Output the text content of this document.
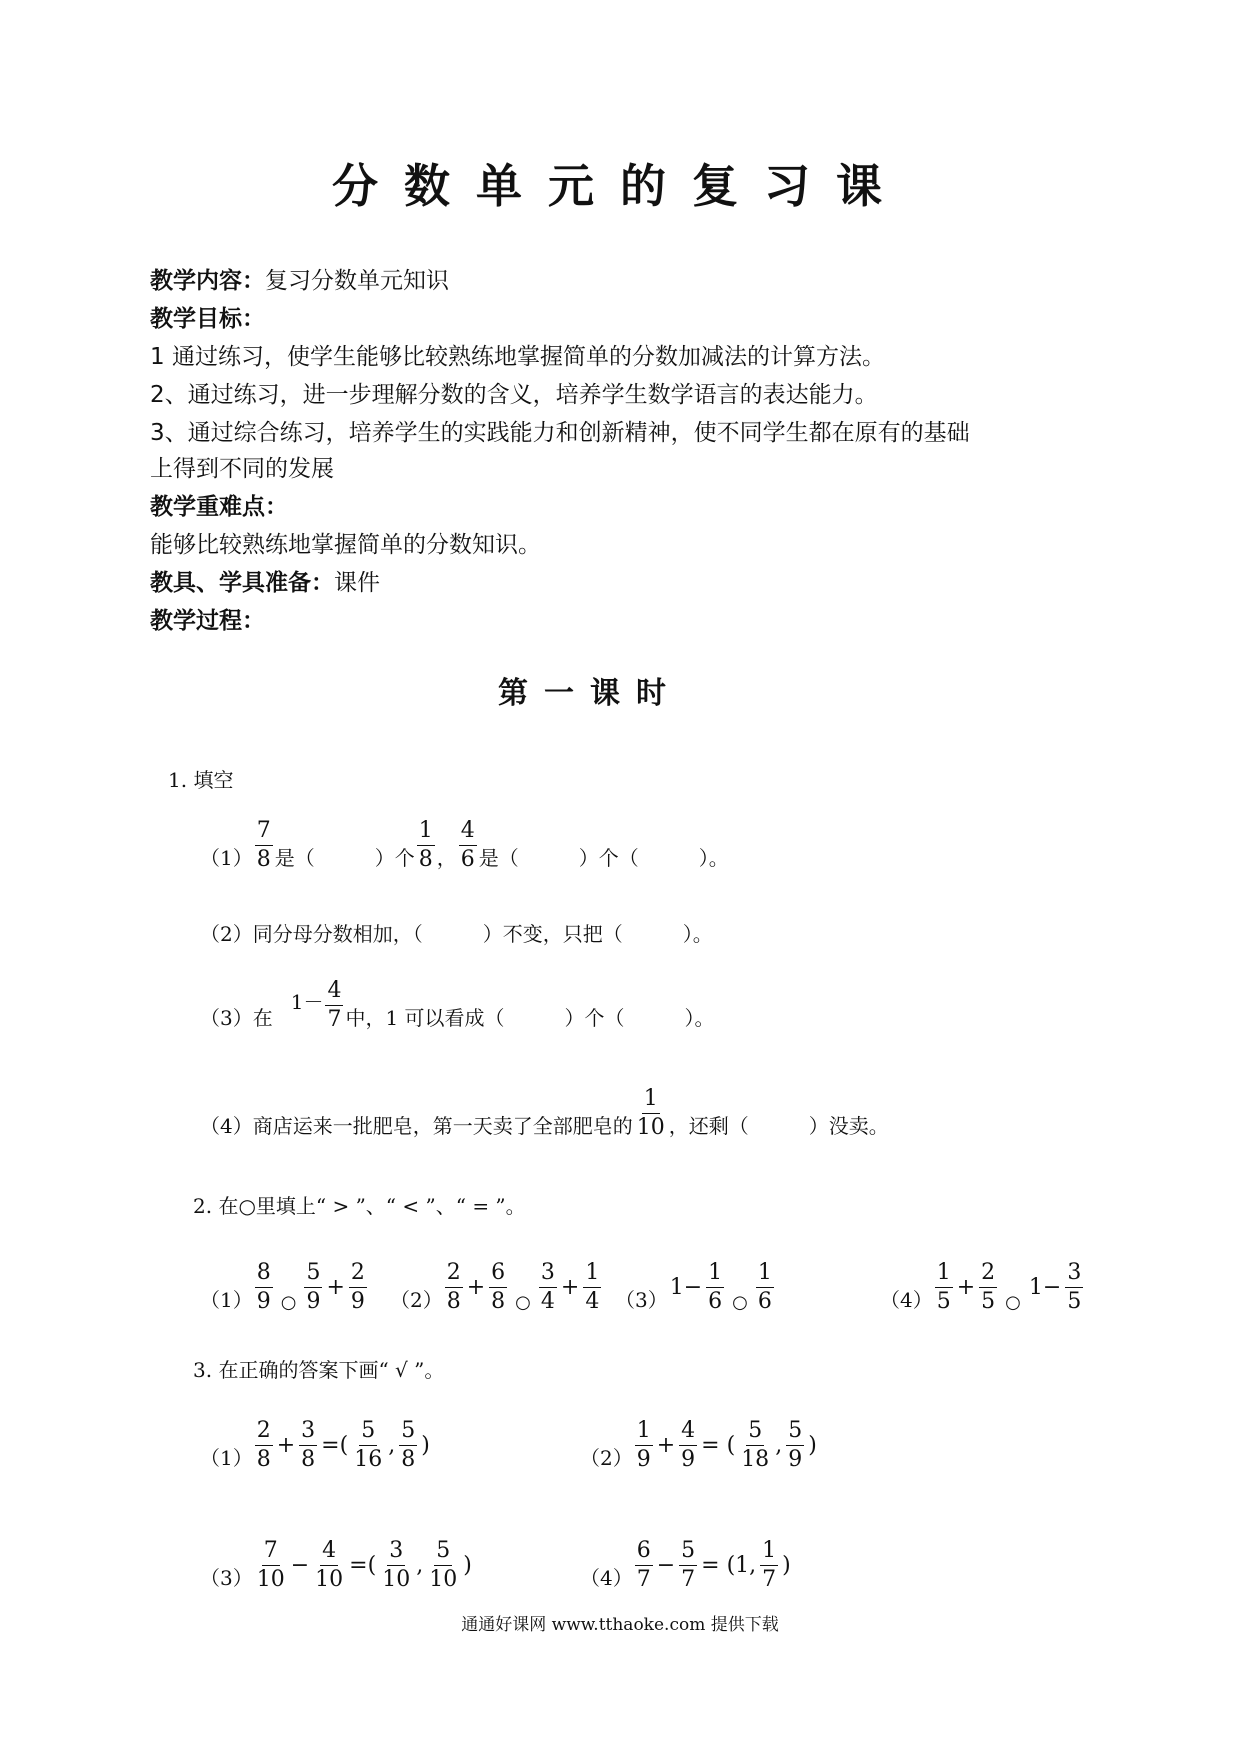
分数单元的复习课
教学内容：复习分数单元知识
教学目标：
1 通过练习，使学生能够比较熟练地掌握简单的分数加减法的计算方法。
2、通过练习，进一步理解分数的含义，培养学生数学语言的表达能力。
3、通过综合练习，培养学生的实践能力和创新精神，使不同学生都在原有的基础
上得到不同的发展
教学重难点：
能够比较熟练地掌握简单的分数知识。
教具、学具准备：课件
教学过程：
第一课时
1. 填空
$(1) \frac{7}{8}$ 是（　　　）个 $\frac{1}{8}$ ， $\frac{4}{6}$ 是（　　　）个（　　　）。
（2）同分母分数相加，（　　　）不变，只把（　　　）。
（3）在
$1- \frac{4}{7}$ 中，1 可以看成（　　　）个（　　　）。
（4）商店运来一批肥皂，第一天卖了全部肥皂的 $\frac{1}{10}$ ，还剩（　　　）没卖。
2. 在○里填上“ > ”、“ < ”、“ = ”。
$(1) \frac{8}{9}$ ○ $\frac{5}{9} + \frac{2}{9} (2) \frac{2}{8} + \frac{6}{8}$ ○ $\frac{3}{4} + \frac{1}{4} (3)$ $1- \frac{1}{6}$ ○ $\frac{1}{6}$	$(4) \frac{1}{5} + \frac{2}{5}$ ○
$1- \frac{3}{5}$
3. 在正确的答案下画“ √ ”。
$(1) \frac{2}{8} + \frac{3}{8}$ =( $\frac{5}{16}$ , $\frac{5}{8}$ )	$(2) \frac{1}{9} + \frac{4}{9}$ = ( $\frac{5}{18}$ , $\frac{5}{9}$ )
$(3) \frac{7}{10} - \frac{4}{10}$ =( $\frac{3}{10}$ , $\frac{5}{10}$ )	$(4) \frac{6}{7} - \frac{5}{7} = (1$, $\frac{1}{7}$ )
通通好课网 www.tthaoke.com 提供下载
